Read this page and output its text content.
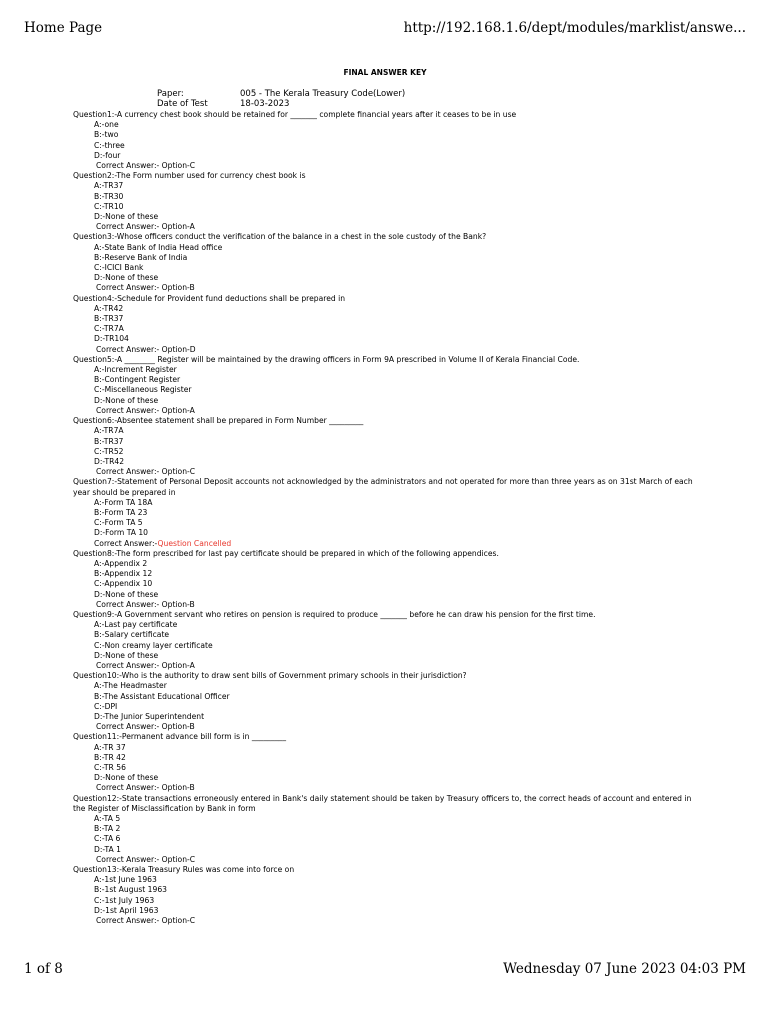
Home Page	http://192.168.1.6/dept/modules/marklist/answe...
FINAL ANSWER KEY
Paper:	005 - The Kerala Treasury Code(Lower)
Date of Test	18-03-2023
Question1:-A currency chest book should be retained for _______ complete financial years after it ceases to be in use
A:-one
B:-two
C:-three
D:-four
Correct Answer:- Option-C
Question2:-The Form number used for currency chest book is
A:-TR37
B:-TR30
C:-TR10
D:-None of these
Correct Answer:- Option-A
Question3:-Whose officers conduct the verification of the balance in a chest in the sole custody of the Bank?
A:-State Bank of India Head office
B:-Reserve Bank of India
C:-ICICI Bank
D:-None of these
Correct Answer:- Option-B
Question4:-Schedule for Provident fund deductions shall be prepared in
A:-TR42
B:-TR37
C:-TR7A
D:-TR104
Correct Answer:- Option-D
Question5:-A ________ Register will be maintained by the drawing officers in Form 9A prescribed in Volume II of Kerala Financial Code.
A:-Increment Register
B:-Contingent Register
C:-Miscellaneous Register
D:-None of these
Correct Answer:- Option-A
Question6:-Absentee statement shall be prepared in Form Number _________
A:-TR7A
B:-TR37
C:-TR52
D:-TR42
Correct Answer:- Option-C
Question7:-Statement of Personal Deposit accounts not acknowledged by the administrators and not operated for more than three years as on 31st March of each year should be prepared in
A:-Form TA 18A
B:-Form TA 23
C:-Form TA 5
D:-Form TA 10
Correct Answer:-Question Cancelled
Question8:-The form prescribed for last pay certificate should be prepared in which of the following appendices.
A:-Appendix 2
B:-Appendix 12
C:-Appendix 10
D:-None of these
Correct Answer:- Option-B
Question9:-A Government servant who retires on pension is required to produce _______ before he can draw his pension for the first time.
A:-Last pay certificate
B:-Salary certificate
C:-Non creamy layer certificate
D:-None of these
Correct Answer:- Option-A
Question10:-Who is the authority to draw sent bills of Government primary schools in their jurisdiction?
A:-The Headmaster
B:-The Assistant Educational Officer
C:-DPI
D:-The Junior Superintendent
Correct Answer:- Option-B
Question11:-Permanent advance bill form is in _________
A:-TR 37
B:-TR 42
C:-TR 56
D:-None of these
Correct Answer:- Option-B
Question12:-State transactions erroneously entered in Bank's daily statement should be taken by Treasury officers to, the correct heads of account and entered in the Register of Misclassification by Bank in form
A:-TA 5
B:-TA 2
C:-TA 6
D:-TA 1
Correct Answer:- Option-C
Question13:-Kerala Treasury Rules was come into force on
A:-1st June 1963
B:-1st August 1963
C:-1st July 1963
D:-1st April 1963
Correct Answer:- Option-C
1 of 8	Wednesday 07 June 2023 04:03 PM
